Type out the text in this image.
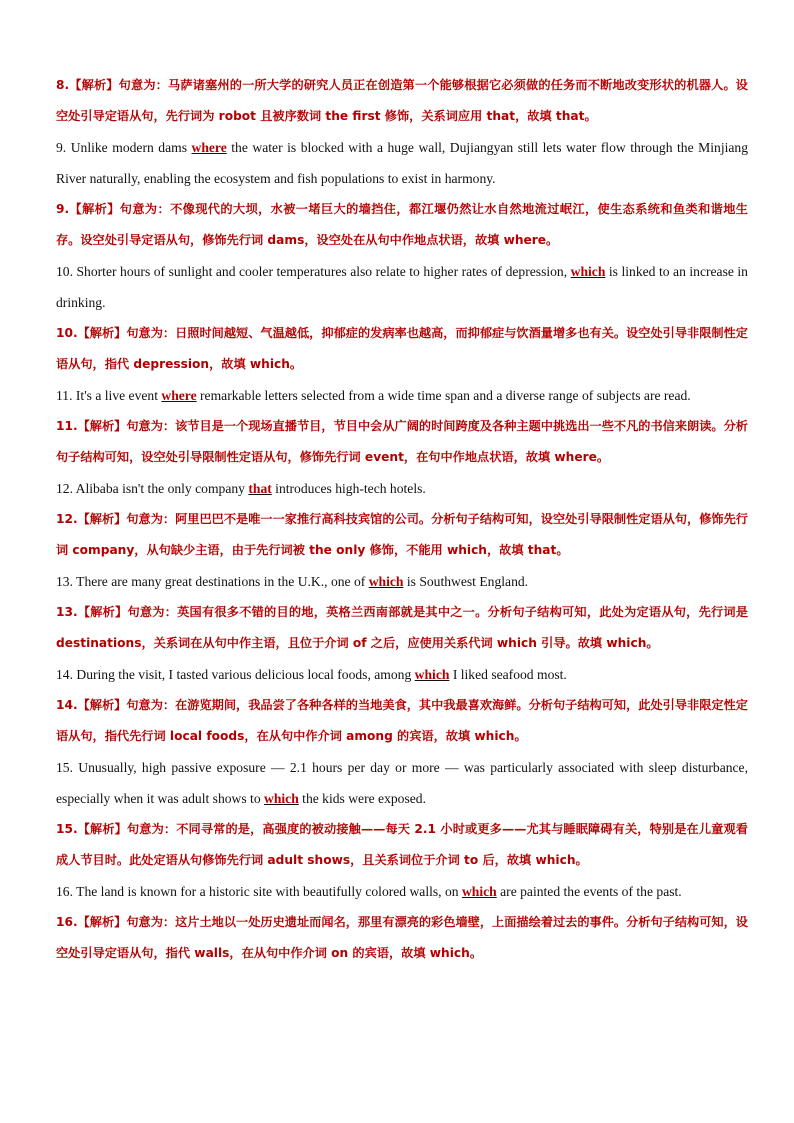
8.【解析】句意为：马萨诸塞州的一所大学的研究人员正在创造第一个能够根据它必须做的任务而不断地改变形状的机器人。设空处引导定语从句，先行词为 robot 且被序数词 the first 修饰，关系词应用 that，故填 that。

9. Unlike modern dams where the water is blocked with a huge wall, Dujiangyan still lets water flow through the Minjiang River naturally, enabling the ecosystem and fish populations to exist in harmony.

9.【解析】句意为：不像现代的大坝，水被一堵巨大的墙挡住，都江堰仍然让水自然地流过岷江，使生态系统和鱼类和谐地生存。设空处引导定语从句，修饰先行词 dams，设空处在从句中作地点状语，故填 where。

10. Shorter hours of sunlight and cooler temperatures also relate to higher rates of depression, which is linked to an increase in drinking.

10.【解析】句意为：日照时间越短、气温越低，抑郁症的发病率也越高，而抑郁症与饮酒量增多也有关。设空处引导非限制性定语从句，指代 depression，故填 which。

11. It's a live event where remarkable letters selected from a wide time span and a diverse range of subjects are read.

11.【解析】句意为：该节目是一个现场直播节目，节目中会从广阔的时间跨度及各种主题中挑选出一些不凡的书信来朗读。分析句子结构可知，设空处引导限制性定语从句，修饰先行词 event，在句中作地点状语，故填 where。

12. Alibaba isn't the only company that introduces high-tech hotels.

12.【解析】句意为：阿里巴巴不是唯一一家推行高科技宾馆的公司。分析句子结构可知，设空处引导限制性定语从句，修饰先行词 company，从句缺少主语，由于先行词被 the only 修饰，不能用 which，故填 that。

13. There are many great destinations in the U.K., one of which is Southwest England.

13.【解析】句意为：英国有很多不错的目的地，英格兰西南部就是其中之一。分析句子结构可知，此处为定语从句，先行词是 destinations，关系词在从句中作主语，且位于介词 of 之后，应使用关系代词 which 引导。故填 which。

14. During the visit, I tasted various delicious local foods, among which I liked seafood most.

14.【解析】句意为：在游览期间，我品尝了各种各样的当地美食，其中我最喜欢海鲜。分析句子结构可知，此处引导非限定性定语从句，指代先行词 local foods，在从句中作介词 among 的宾语，故填 which。

15. Unusually, high passive exposure — 2.1 hours per day or more — was particularly associated with sleep disturbance, especially when it was adult shows to which the kids were exposed.

15.【解析】句意为：不同寻常的是，高强度的被动接触——每天 2.1 小时或更多——尤其与睡眠障碍有关，特别是在儿童观看成人节目时。此处定语从句修饰先行词 adult shows，且关系词位于介词 to 后，故填 which。

16. The land is known for a historic site with beautifully colored walls, on which are painted the events of the past.

16.【解析】句意为：这片土地以一处历史遗址而闻名，那里有漂亮的彩色墙壁，上面描绘着过去的事件。分析句子结构可知，设空处引导定语从句，指代 walls，在从句中作介词 on 的宾语，故填 which。
